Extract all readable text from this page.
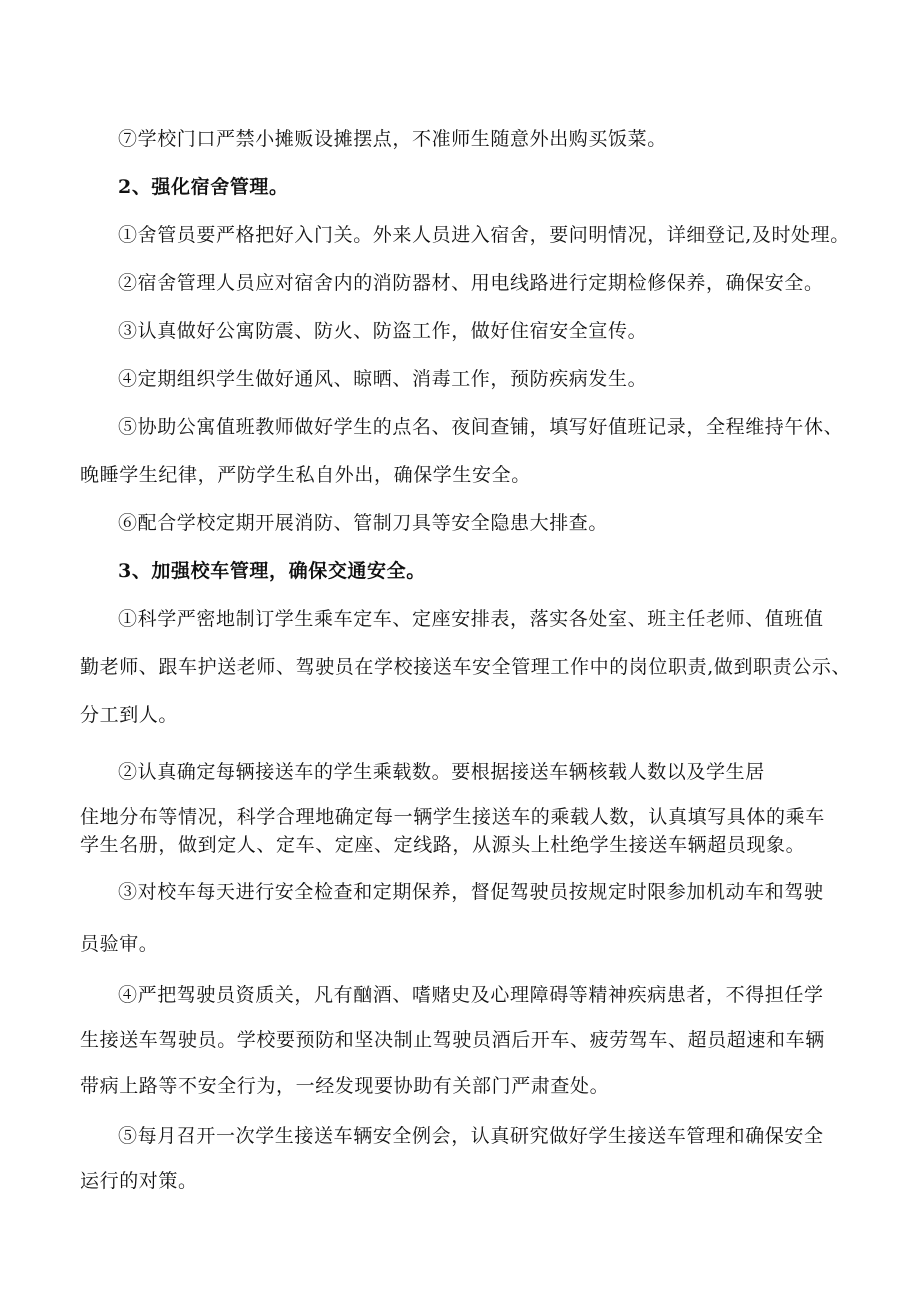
⑦学校门口严禁小摊贩设摊摆点，不准师生随意外出购买饭菜。
2、强化宿舍管理。
①舍管员要严格把好入门关。外来人员进入宿舍，要问明情况，详细登记,及时处理。
②宿舍管理人员应对宿舍内的消防器材、用电线路进行定期检修保养，确保安全。
③认真做好公寓防震、防火、防盗工作，做好住宿安全宣传。
④定期组织学生做好通风、晾晒、消毒工作，预防疾病发生。
⑤协助公寓值班教师做好学生的点名、夜间查铺，填写好值班记录，全程维持午休、
晚睡学生纪律，严防学生私自外出，确保学生安全。
⑥配合学校定期开展消防、管制刀具等安全隐患大排查。
3、加强校车管理，确保交通安全。
①科学严密地制订学生乘车定车、定座安排表，落实各处室、班主任老师、值班值
勤老师、跟车护送老师、驾驶员在学校接送车安全管理工作中的岗位职责,做到职责公示、
分工到人。
②认真确定每辆接送车的学生乘载数。要根据接送车辆核载人数以及学生居
住地分布等情况，科学合理地确定每一辆学生接送车的乘载人数，认真填写具体的乘车
学生名册，做到定人、定车、定座、定线路，从源头上杜绝学生接送车辆超员现象。
③对校车每天进行安全检查和定期保养，督促驾驶员按规定时限参加机动车和驾驶
员验审。
④严把驾驶员资质关，凡有酗酒、嗜赌史及心理障碍等精神疾病患者，不得担任学
生接送车驾驶员。学校要预防和坚决制止驾驶员酒后开车、疲劳驾车、超员超速和车辆
带病上路等不安全行为，一经发现要协助有关部门严肃查处。
⑤每月召开一次学生接送车辆安全例会，认真研究做好学生接送车管理和确保安全
运行的对策。
